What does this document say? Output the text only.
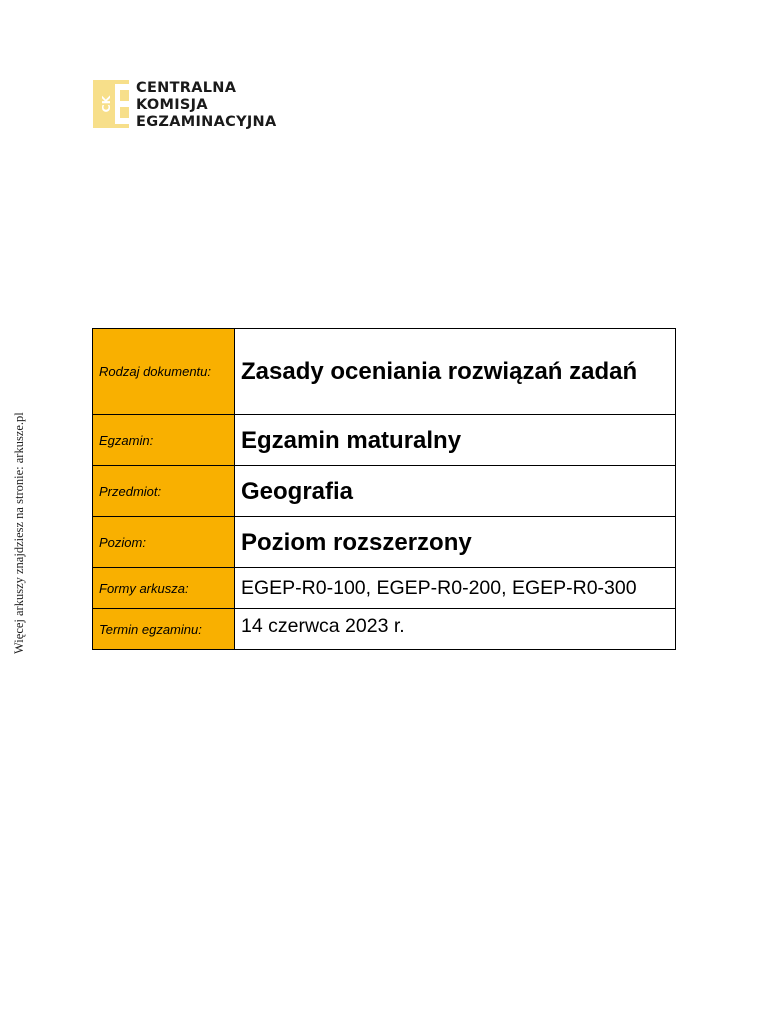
CK
CENTRALNA
KOMISJA
EGZAMINACYJNA
Więcej arkuszy znajdziesz na stronie: arkusze.pl
Rodzaj dokumentu:	Zasady oceniania rozwiązań zadań
Egzamin:	Egzamin maturalny
Przedmiot:	Geografia
Poziom:	Poziom rozszerzony
Formy arkusza:	EGEP-R0-100, EGEP-R0-200, EGEP-R0-300
Termin egzaminu:	14 czerwca 2023 r.
